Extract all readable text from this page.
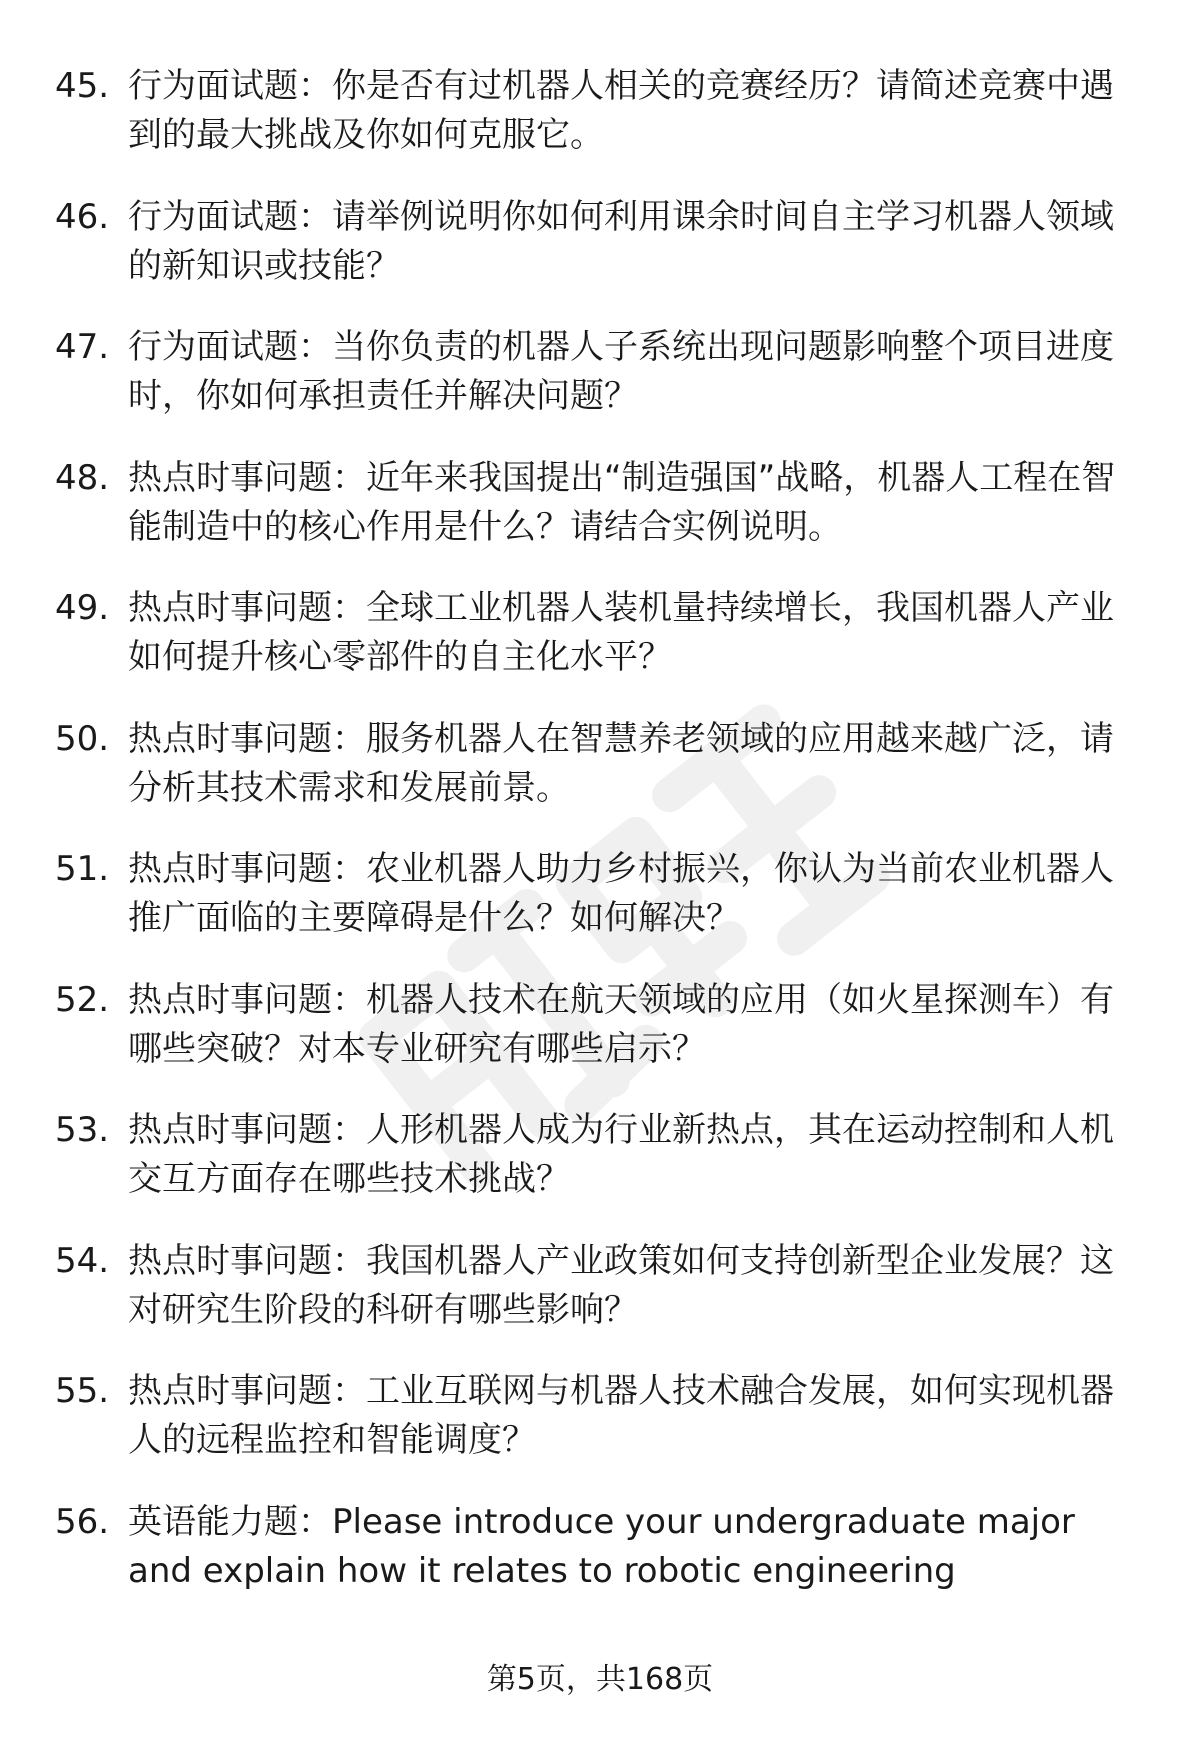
45. 行为面试题：你是否有过机器人相关的竞赛经历？请简述竞赛中遇到的最大挑战及你如何克服它。
46. 行为面试题：请举例说明你如何利用课余时间自主学习机器人领域的新知识或技能？
47. 行为面试题：当你负责的机器人子系统出现问题影响整个项目进度时，你如何承担责任并解决问题？
48. 热点时事问题：近年来我国提出“制造强国”战略，机器人工程在智能制造中的核心作用是什么？请结合实例说明。
49. 热点时事问题：全球工业机器人装机量持续增长，我国机器人产业如何提升核心零部件的自主化水平？
50. 热点时事问题：服务机器人在智慧养老领域的应用越来越广泛，请分析其技术需求和发展前景。
51. 热点时事问题：农业机器人助力乡村振兴，你认为当前农业机器人推广面临的主要障碍是什么？如何解决？
52. 热点时事问题：机器人技术在航天领域的应用（如火星探测车）有哪些突破？对本专业研究有哪些启示？
53. 热点时事问题：人形机器人成为行业新热点，其在运动控制和人机交互方面存在哪些技术挑战？
54. 热点时事问题：我国机器人产业政策如何支持创新型企业发展？这对研究生阶段的科研有哪些影响？
55. 热点时事问题：工业互联网与机器人技术融合发展，如何实现机器人的远程监控和智能调度？
56. 英语能力题：Please introduce your undergraduate major and explain how it relates to robotic engineering
第5页，共168页
